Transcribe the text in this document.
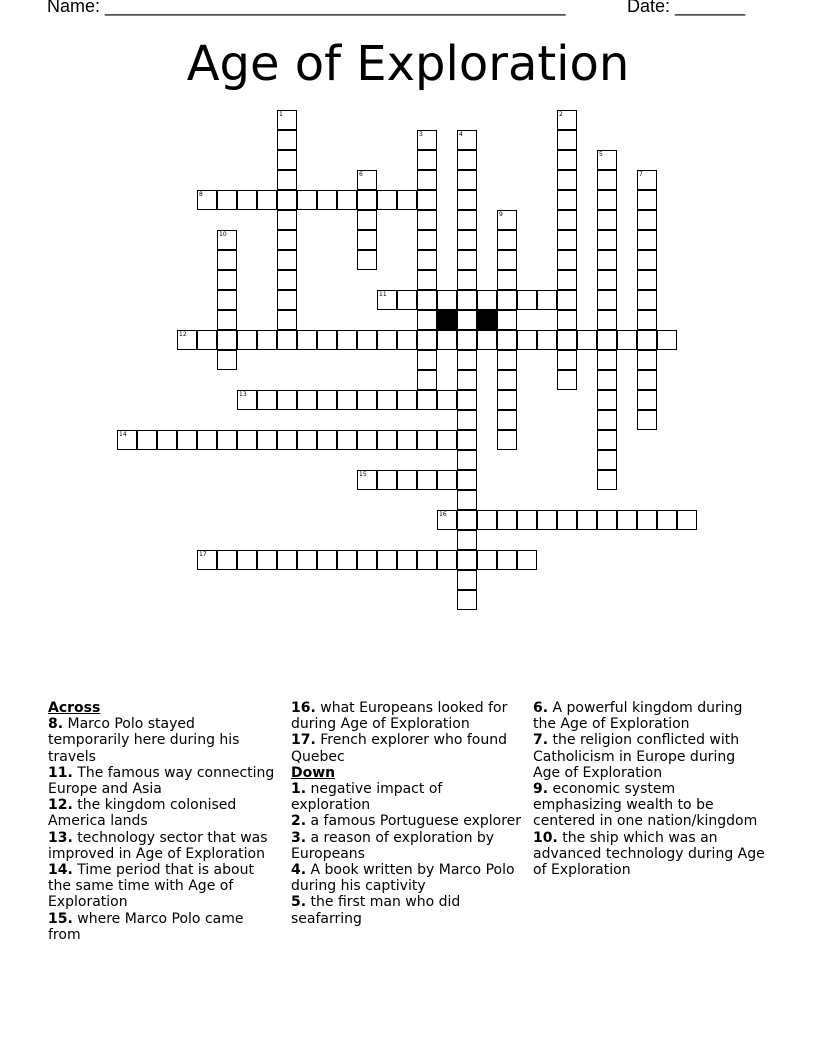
Name: ______________________________________________	Date: _______
Age of Exploration
8
11
12
13
14
15
16
17
1	2
3	4
5
6	7
9
10
Across
8. Marco Polo stayed temporarily here during his travels
11. The famous way connecting Europe and Asia
12. the kingdom colonised America lands
13. technology sector that was improved in Age of Exploration
14. Time period that is about the same time with Age of Exploration
15. where Marco Polo came from
16. what Europeans looked for during Age of Exploration
17. French explorer who found Quebec
Down
1. negative impact of exploration
2. a famous Portuguese explorer
3. a reason of exploration by Europeans
4. A book written by Marco Polo during his captivity
5. the first man who did seafarring
6. A powerful kingdom during the Age of Exploration
7. the religion conflicted with Catholicism in Europe during Age of Exploration
9. economic system emphasizing wealth to be centered in one nation/kingdom
10. the ship which was an advanced technology during Age of Exploration
